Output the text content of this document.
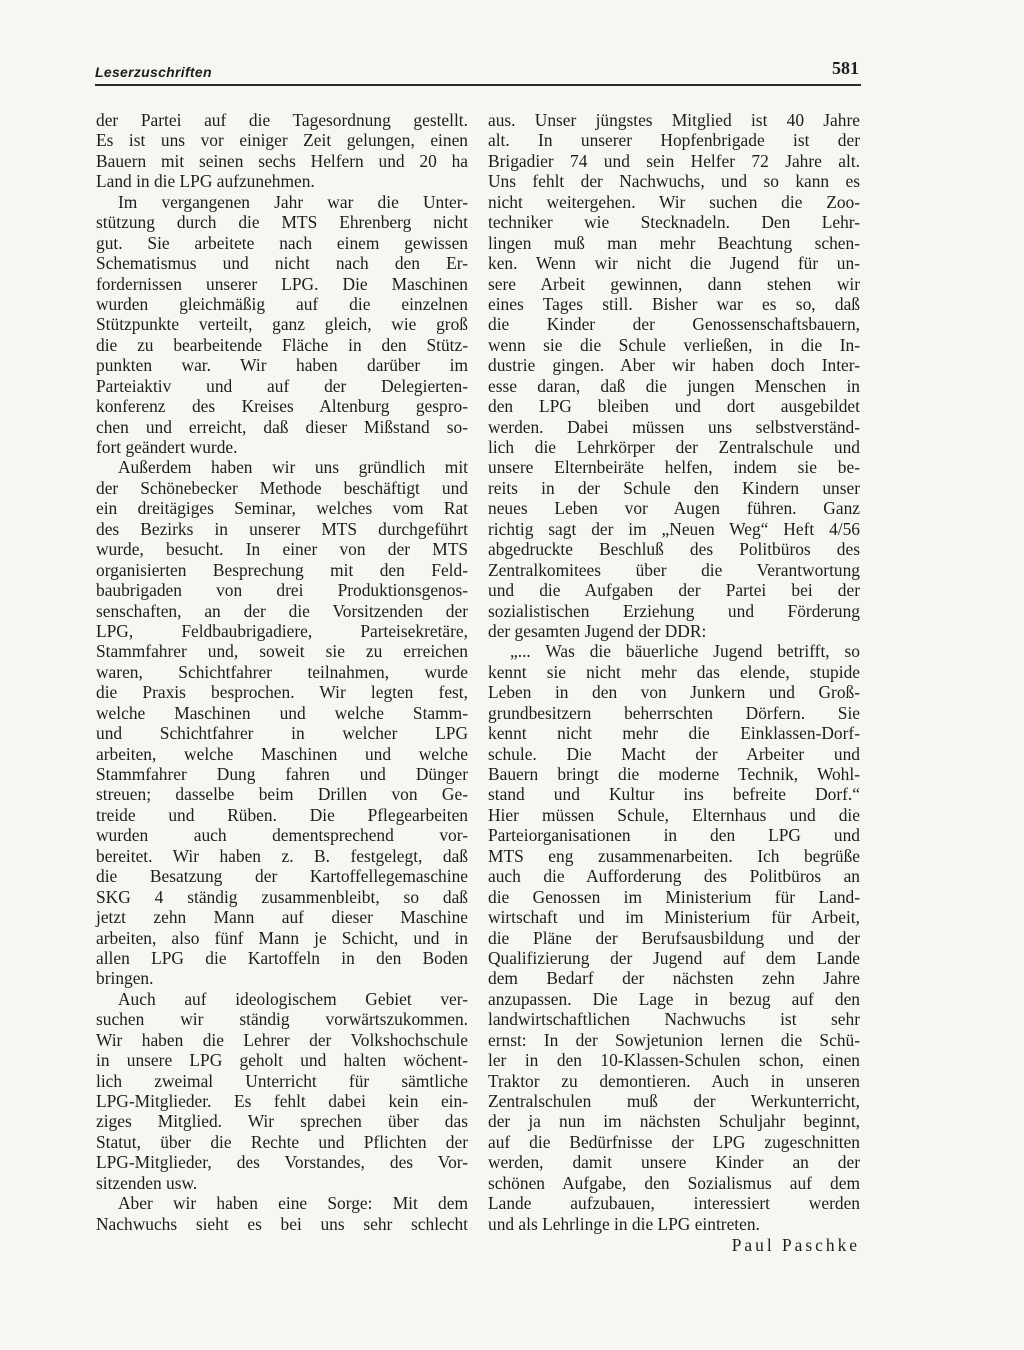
Leserzuschriften	581
der Partei auf die Tagesordnung gestellt.
Es ist uns vor einiger Zeit gelungen, einen
Bauern mit seinen sechs Helfern und 20 ha
Land in die LPG aufzunehmen.
Im vergangenen Jahr war die Unter-
stützung durch die MTS Ehrenberg nicht
gut. Sie arbeitete nach einem gewissen
Schematismus und nicht nach den Er-
fordernissen unserer LPG. Die Maschinen
wurden gleichmäßig auf die einzelnen
Stützpunkte verteilt, ganz gleich, wie groß
die zu bearbeitende Fläche in den Stütz-
punkten war. Wir haben darüber im
Parteiaktiv und auf der Delegierten-
konferenz des Kreises Altenburg gespro-
chen und erreicht, daß dieser Mißstand so-
fort geändert wurde.
Außerdem haben wir uns gründlich mit
der Schönebecker Methode beschäftigt und
ein dreitägiges Seminar, welches vom Rat
des Bezirks in unserer MTS durchgeführt
wurde, besucht. In einer von der MTS
organisierten Besprechung mit den Feld-
baubrigaden von drei Produktionsgenos-
senschaften, an der die Vorsitzenden der
LPG, Feldbaubrigadiere, Parteisekretäre,
Stammfahrer und, soweit sie zu erreichen
waren, Schichtfahrer teilnahmen, wurde
die Praxis besprochen. Wir legten fest,
welche Maschinen und welche Stamm-
und Schichtfahrer in welcher LPG
arbeiten, welche Maschinen und welche
Stammfahrer Dung fahren und Dünger
streuen; dasselbe beim Drillen von Ge-
treide und Rüben. Die Pflegearbeiten
wurden auch dementsprechend vor-
bereitet. Wir haben z. B. festgelegt, daß
die Besatzung der Kartoffellegemaschine
SKG 4 ständig zusammenbleibt, so daß
jetzt zehn Mann auf dieser Maschine
arbeiten, also fünf Mann je Schicht, und in
allen LPG die Kartoffeln in den Boden
bringen.
Auch auf ideologischem Gebiet ver-
suchen wir ständig vorwärtszukommen.
Wir haben die Lehrer der Volkshochschule
in unsere LPG geholt und halten wöchent-
lich zweimal Unterricht für sämtliche
LPG-Mitglieder. Es fehlt dabei kein ein-
ziges Mitglied. Wir sprechen über das
Statut, über die Rechte und Pflichten der
LPG-Mitglieder, des Vorstandes, des Vor-
sitzenden usw.
Aber wir haben eine Sorge: Mit dem
Nachwuchs sieht es bei uns sehr schlecht
aus. Unser jüngstes Mitglied ist 40 Jahre
alt. In unserer Hopfenbrigade ist der
Brigadier 74 und sein Helfer 72 Jahre alt.
Uns fehlt der Nachwuchs, und so kann es
nicht weitergehen. Wir suchen die Zoo-
techniker wie Stecknadeln. Den Lehr-
lingen muß man mehr Beachtung schen-
ken. Wenn wir nicht die Jugend für un-
sere Arbeit gewinnen, dann stehen wir
eines Tages still. Bisher war es so, daß
die Kinder der Genossenschaftsbauern,
wenn sie die Schule verließen, in die In-
dustrie gingen. Aber wir haben doch Inter-
esse daran, daß die jungen Menschen in
den LPG bleiben und dort ausgebildet
werden. Dabei müssen uns selbstverständ-
lich die Lehrkörper der Zentralschule und
unsere Elternbeiräte helfen, indem sie be-
reits in der Schule den Kindern unser
neues Leben vor Augen führen. Ganz
richtig sagt der im „Neuen Weg“ Heft 4/56
abgedruckte Beschluß des Politbüros des
Zentralkomitees über die Verantwortung
und die Aufgaben der Partei bei der
sozialistischen Erziehung und Förderung
der gesamten Jugend der DDR:
„... Was die bäuerliche Jugend betrifft, so
kennt sie nicht mehr das elende, stupide
Leben in den von Junkern und Groß-
grundbesitzern beherrschten Dörfern. Sie
kennt nicht mehr die Einklassen-Dorf-
schule. Die Macht der Arbeiter und
Bauern bringt die moderne Technik, Wohl-
stand und Kultur ins befreite Dorf.“
Hier müssen Schule, Elternhaus und die
Parteiorganisationen in den LPG und
MTS eng zusammenarbeiten. Ich begrüße
auch die Aufforderung des Politbüros an
die Genossen im Ministerium für Land-
wirtschaft und im Ministerium für Arbeit,
die Pläne der Berufsausbildung und der
Qualifizierung der Jugend auf dem Lande
dem Bedarf der nächsten zehn Jahre
anzupassen. Die Lage in bezug auf den
landwirtschaftlichen Nachwuchs ist sehr
ernst: In der Sowjetunion lernen die Schü-
ler in den 10-Klassen-Schulen schon, einen
Traktor zu demontieren. Auch in unseren
Zentralschulen muß der Werkunterricht,
der ja nun im nächsten Schuljahr beginnt,
auf die Bedürfnisse der LPG zugeschnitten
werden, damit unsere Kinder an der
schönen Aufgabe, den Sozialismus auf dem
Lande aufzubauen, interessiert werden
und als Lehrlinge in die LPG eintreten.
Paul Paschke
